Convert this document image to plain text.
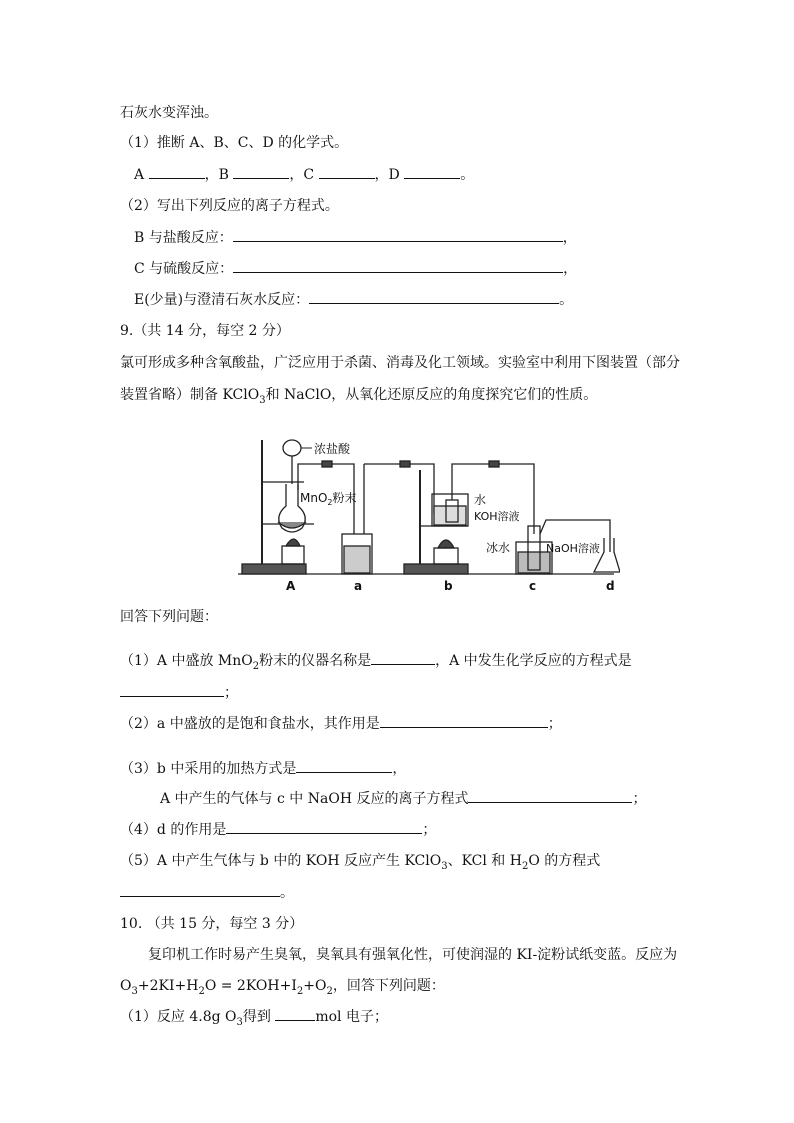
石灰水变浑浊。
（1）推断 A、B、C、D 的化学式。
A	，B	，C	，D	。
（2）写出下列反应的离子方程式。
B 与盐酸反应：	，
C 与硫酸反应：	，
E(少量)与澄清石灰水反应：	。
9.（共 14 分，每空 2 分）
氯可形成多种含氧酸盐，广泛应用于杀菌、消毒及化工领域。实验室中利用下图装置（部分
装置省略）制备 KClO$_3$和 NaClO，从氧化还原反应的角度探究它们的性质。
浓盐酸
MnO$_2$粉末	水
KOH溶液
冰水	NaOH溶液
A	a	b	c	d
回答下列问题：
（1）A 中盛放 MnO$_2$粉末的仪器名称是	，A 中发生化学反应的方程式是
；
（2）a 中盛放的是饱和食盐水，其作用是	；
（3）b 中采用的加热方式是	，
A 中产生的气体与 c 中 NaOH 反应的离子方程式	；
（4）d 的作用是	；
（5）A 中产生气体与 b 中的 KOH 反应产生 KClO$_3$、KCl 和 $H_2O$ 的方程式
。
10. （共 15 分，每空 3 分）
复印机工作时易产生臭氧，臭氧具有强氧化性，可使润湿的 KI-淀粉试纸变蓝。反应为
$O_3+2KI+H_2O = 2KOH+I_2+O_2$，回答下列问题：
（1）反应 4.8g $O_3$得到	mol 电子；
